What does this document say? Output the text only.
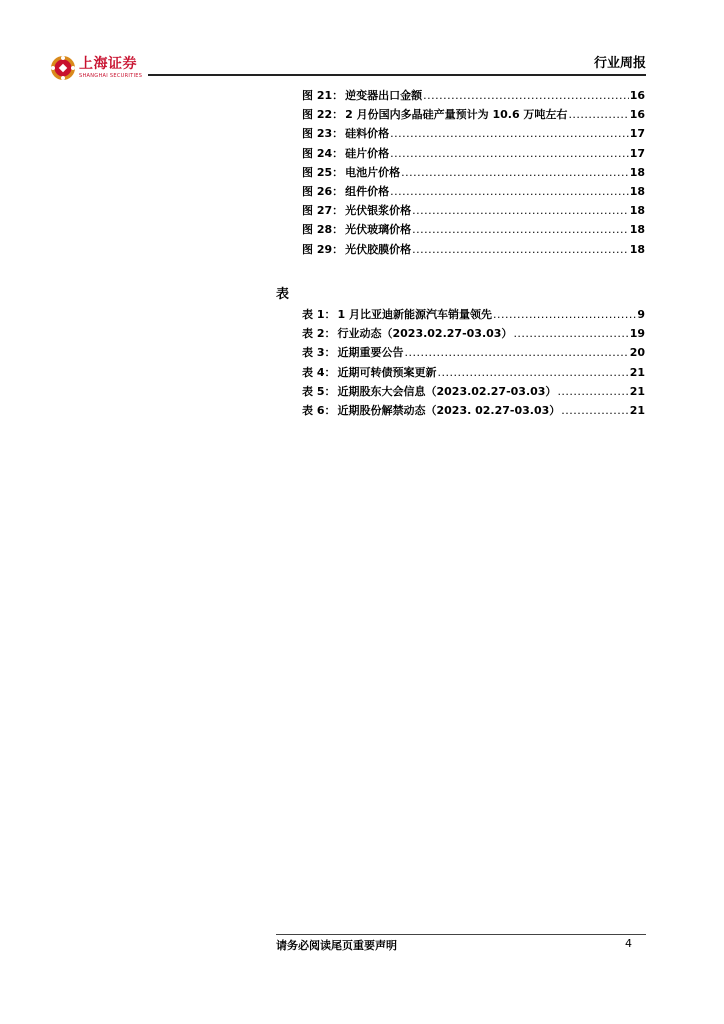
上海证券
SHANGHAI SECURITIES
行业周报
图 21： 逆变器出口金额 .....	16
图 22： 2 月份国内多晶硅产量预计为 10.6 万吨左右 .....	16
图 23： 硅料价格 .....	17
图 24： 硅片价格 .....	17
图 25： 电池片价格 .....	18
图 26： 组件价格 .....	18
图 27： 光伏银浆价格 .....	18
图 28： 光伏玻璃价格 .....	18
图 29： 光伏胶膜价格 .....	18
表
表 1： 1 月比亚迪新能源汽车销量领先 .....	9
表 2： 行业动态（2023.02.27-03.03） .....	19
表 3： 近期重要公告 .....	20
表 4： 近期可转债预案更新 .....	21
表 5： 近期股东大会信息（2023.02.27-03.03） .....	21
表 6： 近期股份解禁动态（2023. 02.27-03.03） .....	21
请务必阅读尾页重要声明	4
